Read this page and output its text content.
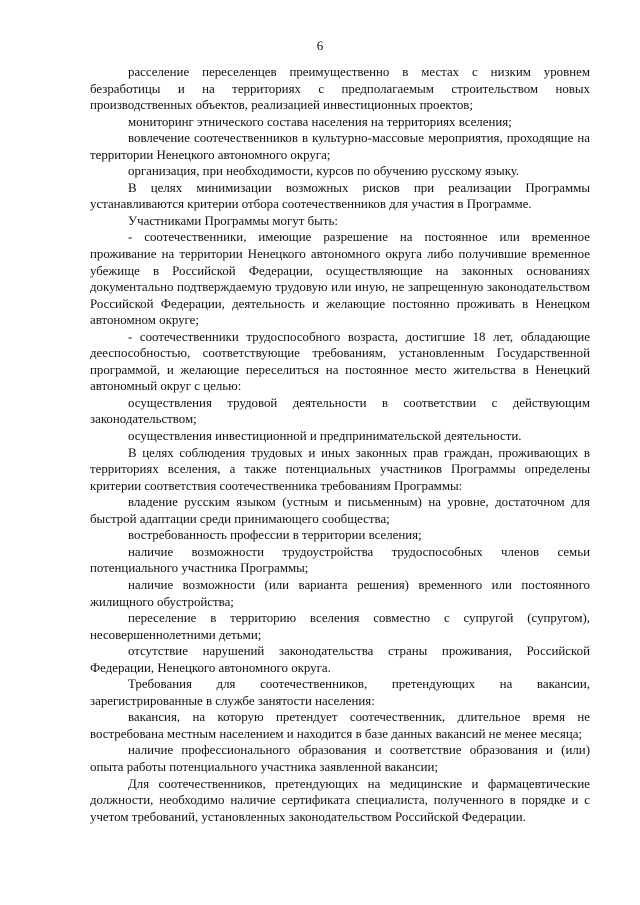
6

расселение переселенцев преимущественно в местах с низким уровнем безработицы и на территориях с предполагаемым строительством новых производственных объектов, реализацией инвестиционных проектов;

мониторинг этнического состава населения на территориях вселения;

вовлечение соотечественников в культурно-массовые мероприятия, проходящие на территории Ненецкого автономного округа;

организация, при необходимости, курсов по обучению русскому языку.

В целях минимизации возможных рисков при реализации Программы устанавливаются критерии отбора соотечественников для участия в Программе.

Участниками Программы могут быть:

- соотечественники, имеющие разрешение на постоянное или временное проживание на территории Ненецкого автономного округа либо получившие временное убежище в Российской Федерации, осуществляющие на законных основаниях документально подтверждаемую трудовую или иную, не запрещенную законодательством Российской Федерации, деятельность и желающие постоянно проживать в Ненецком автономном округе;

- соотечественники трудоспособного возраста, достигшие 18 лет, обладающие дееспособностью, соответствующие требованиям, установленным Государственной программой, и желающие переселиться на постоянное место жительства в Ненецкий автономный округ с целью:

осуществления трудовой деятельности в соответствии с действующим законодательством;

осуществления инвестиционной и предпринимательской деятельности.

В целях соблюдения трудовых и иных законных прав граждан, проживающих в территориях вселения, а также потенциальных участников Программы определены критерии соответствия соотечественника требованиям Программы:

владение русским языком (устным и письменным) на уровне, достаточном для быстрой адаптации среди принимающего сообщества;

востребованность профессии в территории вселения;

наличие возможности трудоустройства трудоспособных членов семьи потенциального участника Программы;

наличие возможности (или варианта решения) временного или постоянного жилищного обустройства;

переселение в территорию вселения совместно с супругой (супругом), несовершеннолетними детьми;

отсутствие нарушений законодательства страны проживания, Российской Федерации, Ненецкого автономного округа.

Требования для соотечественников, претендующих на вакансии, зарегистрированные в службе занятости населения:

вакансия, на которую претендует соотечественник, длительное время не востребована местным населением и находится в базе данных вакансий не менее месяца;

наличие профессионального образования и соответствие образования и (или) опыта работы потенциального участника заявленной вакансии;

Для соотечественников, претендующих на медицинские и фармацевтические должности, необходимо наличие сертификата специалиста, полученного в порядке и с учетом требований, установленных законодательством Российской Федерации.
